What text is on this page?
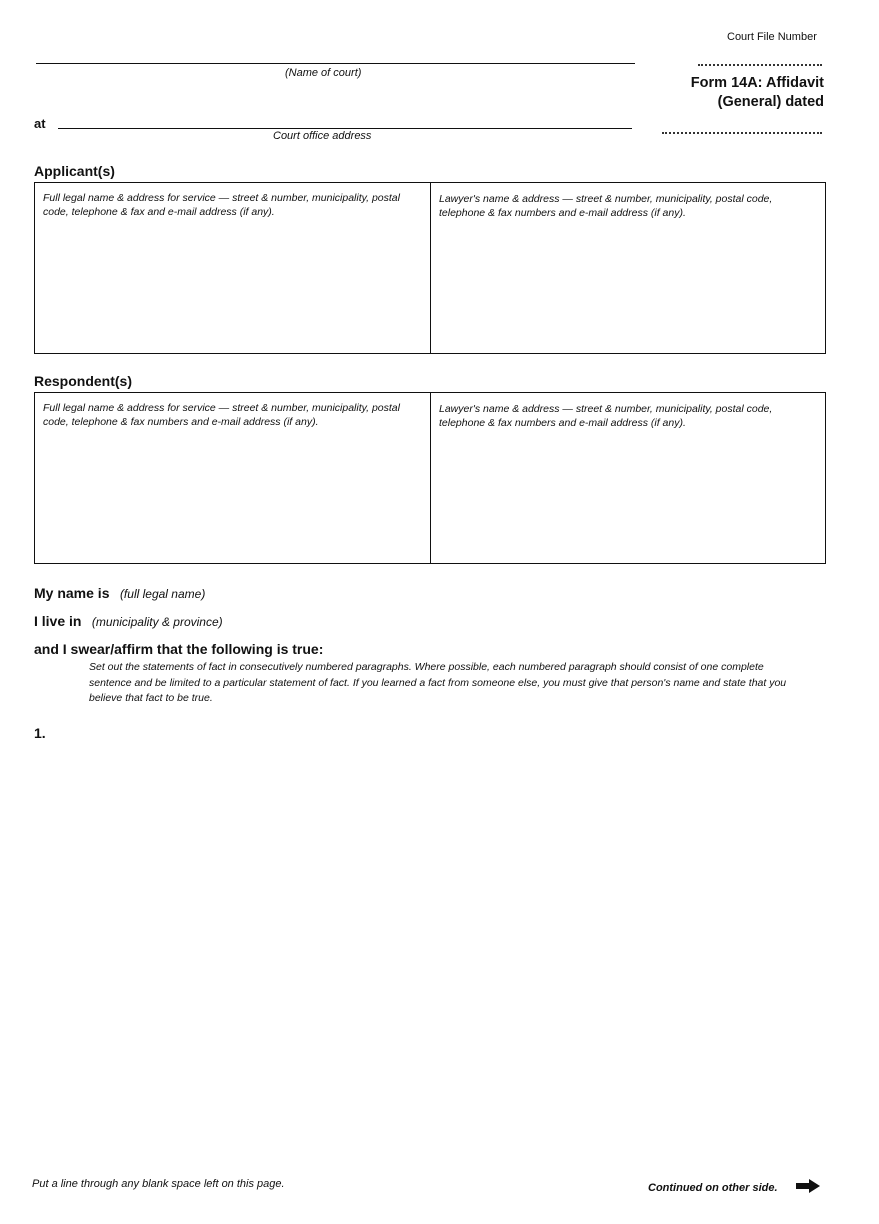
Court File Number
(Name of court)
at
Court office address
Form 14A: Affidavit
(General) dated
Applicant(s)
Full legal name & address for service — street & number, municipality, postal code, telephone & fax and e-mail address (if any).
Lawyer's name & address — street & number, municipality, postal code, telephone & fax numbers and e-mail address (if any).
Respondent(s)
Full legal name & address for service — street & number, municipality, postal code, telephone & fax numbers and e-mail address (if any).
Lawyer's name & address — street & number, municipality, postal code, telephone & fax numbers and e-mail address (if any).
My name is (full legal name)
I live in (municipality & province)
and I swear/affirm that the following is true:
Set out the statements of fact in consecutively numbered paragraphs. Where possible, each numbered paragraph should consist of one complete sentence and be limited to a particular statement of fact. If you learned a fact from someone else, you must give that person's name and state that you believe that fact to be true.
1.
Put a line through any blank space left on this page.	Continued on other side.
